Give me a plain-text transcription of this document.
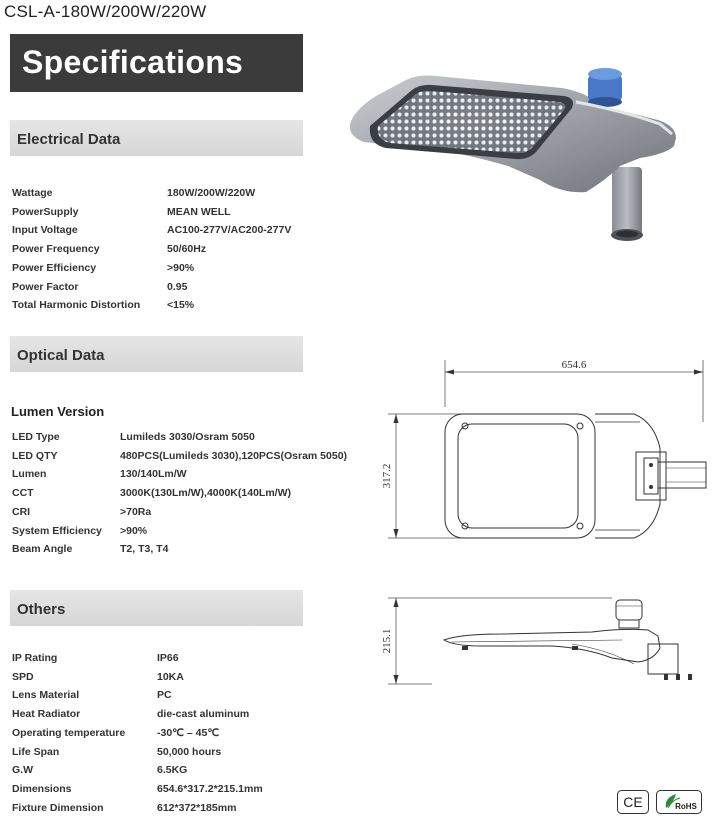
CSL-A-180W/200W/220W
Specifications
Electrical Data
Wattage	180W/200W/220W
PowerSupply	MEAN WELL
Input Voltage	AC100-277V/AC200-277V
Power Frequency	50/60Hz
Power Efficiency	>90%
Power Factor	0.95
Total Harmonic Distortion	<15%
Optical Data
Lumen Version
LED Type	Lumileds 3030/Osram 5050
LED QTY	480PCS(Lumileds 3030),120PCS(Osram 5050)
Lumen	130/140Lm/W
CCT	3000K(130Lm/W),4000K(140Lm/W)
CRI	>70Ra
System Efficiency >90%
Beam Angle	T2, T3, T4
Others
IP Rating	IP66
SPD	10KA
Lens Material	PC
Heat Radiator	die-cast aluminum
Operating temperature	-30℃ – 45℃
Life Span	50,000 hours
G.W	6.5KG
Dimensions	654.6*317.2*215.1mm
Fixture Dimension	612*372*185mm
654.6
317.2
215.1
CE	RoHS
